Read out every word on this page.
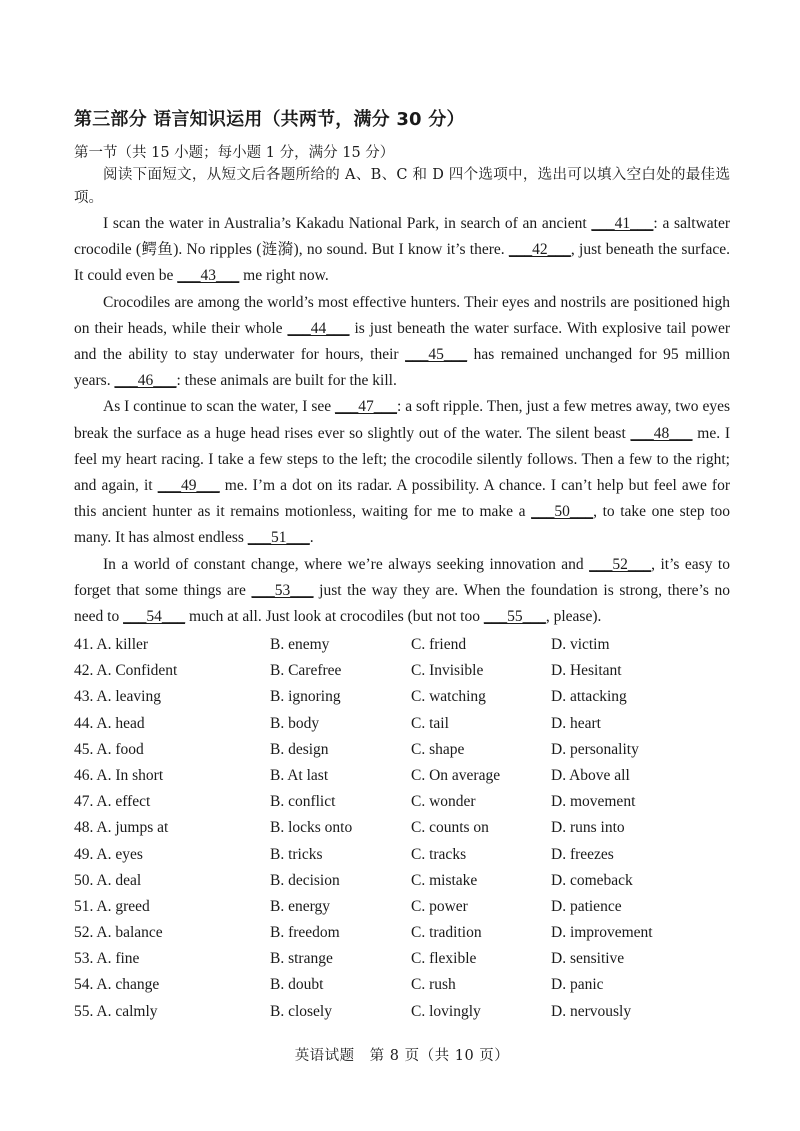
第三部分 语言知识运用（共两节，满分 30 分）
第一节（共 15 小题；每小题 1 分，满分 15 分）
阅读下面短文，从短文后各题所给的 A、B、C 和 D 四个选项中，选出可以填入空白处的最佳选项。

I scan the water in Australia’s Kakadu National Park, in search of an ancient ___41___: a saltwater crocodile (鳄鱼). No ripples (涟漪), no sound. But I know it’s there. ___42___, just beneath the surface. It could even be ___43___ me right now.

Crocodiles are among the world’s most effective hunters. Their eyes and nostrils are positioned high on their heads, while their whole ___44___ is just beneath the water surface. With explosive tail power and the ability to stay underwater for hours, their ___45___ has remained unchanged for 95 million years. ___46___: these animals are built for the kill.

As I continue to scan the water, I see ___47___: a soft ripple. Then, just a few metres away, two eyes break the surface as a huge head rises ever so slightly out of the water. The silent beast ___48___ me. I feel my heart racing. I take a few steps to the left; the crocodile silently follows. Then a few to the right; and again, it ___49___ me. I’m a dot on its radar. A possibility. A chance. I can’t help but feel awe for this ancient hunter as it remains motionless, waiting for me to make a ___50___, to take one step too many. It has almost endless ___51___.

In a world of constant change, where we’re always seeking innovation and ___52___, it’s easy to forget that some things are ___53___ just the way they are. When the foundation is strong, there’s no need to ___54___ much at all. Just look at crocodiles (but not too ___55___, please).

41. A. killer	B. enemy	C. friend	D. victim
42. A. Confident	B. Carefree	C. Invisible	D. Hesitant
43. A. leaving	B. ignoring	C. watching	D. attacking
44. A. head	B. body	C. tail	D. heart
45. A. food	B. design	C. shape	D. personality
46. A. In short	B. At last	C. On average	D. Above all
47. A. effect	B. conflict	C. wonder	D. movement
48. A. jumps at	B. locks onto	C. counts on	D. runs into
49. A. eyes	B. tricks	C. tracks	D. freezes
50. A. deal	B. decision	C. mistake	D. comeback
51. A. greed	B. energy	C. power	D. patience
52. A. balance	B. freedom	C. tradition	D. improvement
53. A. fine	B. strange	C. flexible	D. sensitive
54. A. change	B. doubt	C. rush	D. panic
55. A. calmly	B. closely	C. lovingly	D. nervously
英语试题　第 8 页（共 10 页）
